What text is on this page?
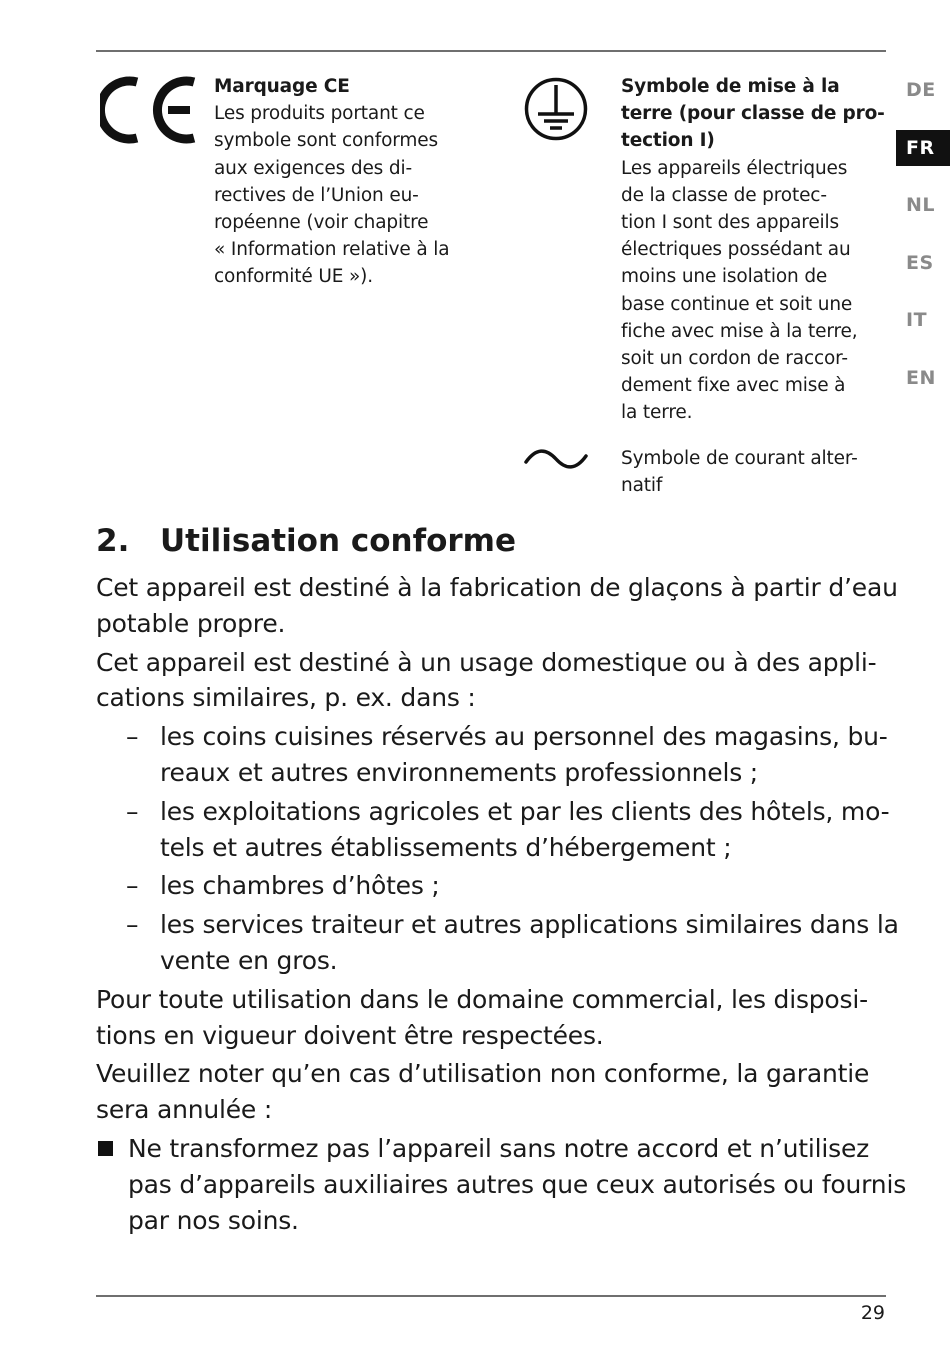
Marquage CE
Les produits portant ce
symbole sont conformes
aux exigences des di-
rectives de l’Union eu-
ropéenne (voir chapitre
« Information relative à la
conformité UE »).
Symbole de mise à la
terre (pour classe de pro-
tection I)
Les appareils électriques
de la classe de protec-
tion I sont des appareils
électriques possédant au
moins une isolation de
base continue et soit une
fiche avec mise à la terre,
soit un cordon de raccor-
dement fixe avec mise à
la terre.
Symbole de courant alter-
natif
DE
FR
NL
ES
IT
EN
2. Utilisation conforme
Cet appareil est destiné à la fabrication de glaçons à partir d’eau
potable propre.
Cet appareil est destiné à un usage domestique ou à des appli-
cations similaires, p. ex. dans :
– les coins cuisines réservés au personnel des magasins, bu-
reaux et autres environnements professionnels ;
– les exploitations agricoles et par les clients des hôtels, mo-
tels et autres établissements d’hébergement ;
– les chambres d’hôtes ;
– les services traiteur et autres applications similaires dans la
vente en gros.
Pour toute utilisation dans le domaine commercial, les disposi-
tions en vigueur doivent être respectées.
Veuillez noter qu’en cas d’utilisation non conforme, la garantie
sera annulée :
Ne transformez pas l’appareil sans notre accord et n’utilisez
pas d’appareils auxiliaires autres que ceux autorisés ou fournis
par nos soins.
29
